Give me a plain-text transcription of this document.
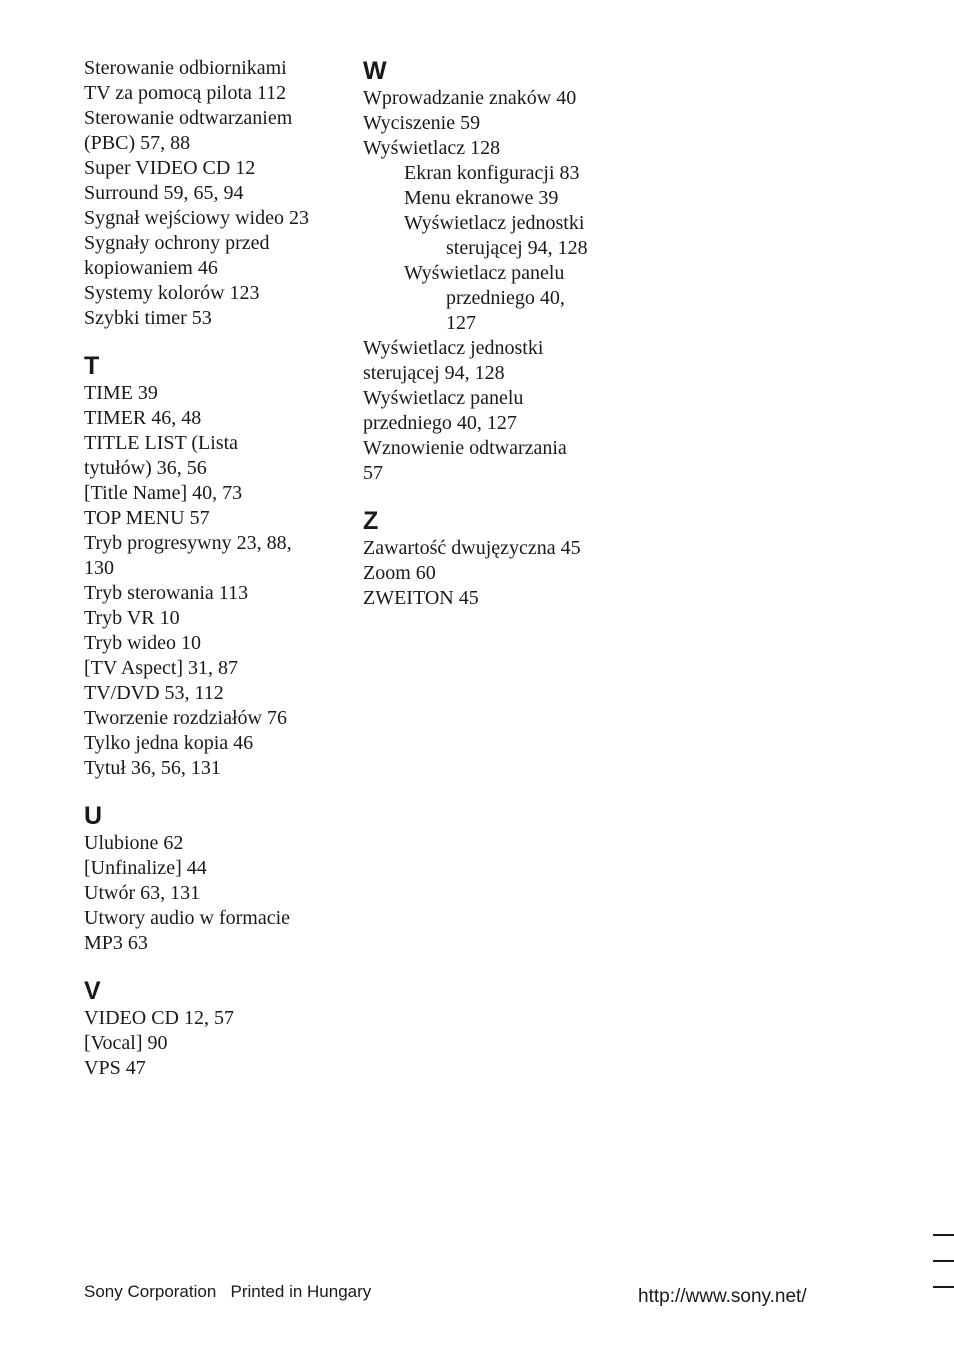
Sterowanie odbiornikami
TV za pomocą pilota 112
Sterowanie odtwarzaniem
(PBC) 57, 88
Super VIDEO CD 12
Surround 59, 65, 94
Sygnał wejściowy wideo 23
Sygnały ochrony przed
kopiowaniem 46
Systemy kolorów 123
Szybki timer 53
T
TIME 39
TIMER 46, 48
TITLE LIST (Lista
tytułów) 36, 56
[Title Name] 40, 73
TOP MENU 57
Tryb progresywny 23, 88,
130
Tryb sterowania 113
Tryb VR 10
Tryb wideo 10
[TV Aspect] 31, 87
TV/DVD 53, 112
Tworzenie rozdziałów 76
Tylko jedna kopia 46
Tytuł 36, 56, 131
U
Ulubione 62
[Unfinalize] 44
Utwór 63, 131
Utwory audio w formacie
MP3 63
V
VIDEO CD 12, 57
[Vocal] 90
VPS 47
W
Wprowadzanie znaków 40
Wyciszenie 59
Wyświetlacz 128
Ekran konfiguracji 83
Menu ekranowe 39
Wyświetlacz jednostki
sterującej 94, 128
Wyświetlacz panelu
przedniego 40,
127
Wyświetlacz jednostki
sterującej 94, 128
Wyświetlacz panelu
przedniego 40, 127
Wznowienie odtwarzania
57
Z
Zawartość dwujęzyczna 45
Zoom 60
ZWEITON 45
Sony Corporation Printed in Hungary	http://www.sony.net/
